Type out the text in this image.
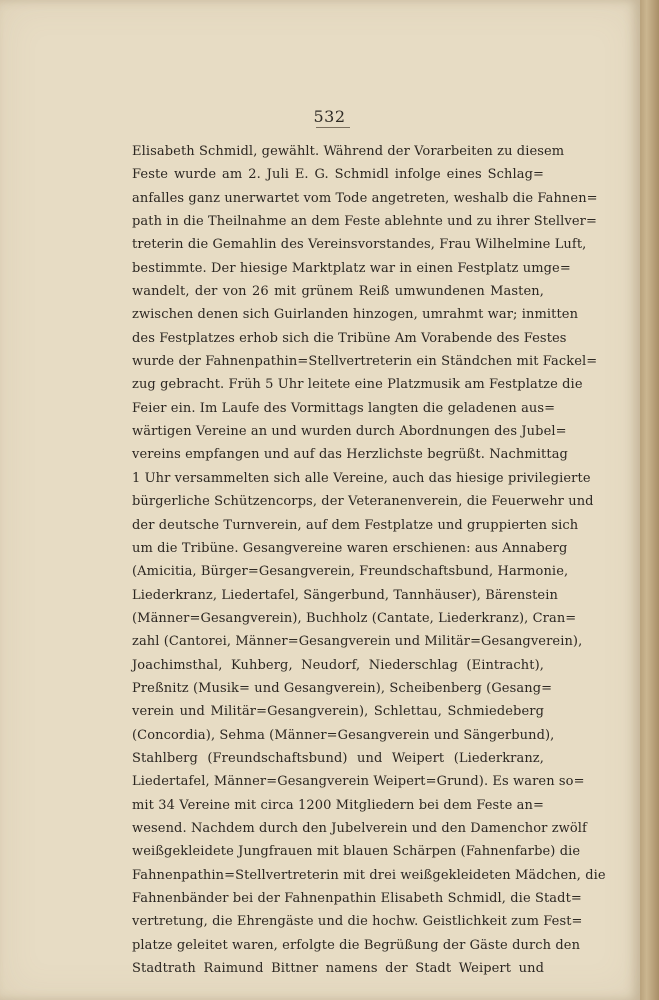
532
Elisabeth Schmidl, gewählt. Während der Vorarbeiten zu diesem
Feste wurde am 2. Juli E. G. Schmidl infolge eines Schlag=
anfalles ganz unerwartet vom Tode angetreten, weshalb die Fahnen=
path in die Theilnahme an dem Feste ablehnte und zu ihrer Stellver=
treterin die Gemahlin des Vereinsvorstandes, Frau Wilhelmine Luft,
bestimmte. Der hiesige Marktplatz war in einen Festplatz umge=
wandelt, der von 26 mit grünem Reiß umwundenen Masten,
zwischen denen sich Guirlanden hinzogen, umrahmt war; inmitten
des Festplatzes erhob sich die Tribüne Am Vorabende des Festes
wurde der Fahnenpathin=Stellvertreterin ein Ständchen mit Fackel=
zug gebracht. Früh 5 Uhr leitete eine Platzmusik am Festplatze die
Feier ein. Im Laufe des Vormittags langten die geladenen aus=
wärtigen Vereine an und wurden durch Abordnungen des Jubel=
vereins empfangen und auf das Herzlichste begrüßt. Nachmittag
1 Uhr versammelten sich alle Vereine, auch das hiesige privilegierte
bürgerliche Schützencorps, der Veteranenverein, die Feuerwehr und
der deutsche Turnverein, auf dem Festplatze und gruppierten sich
um die Tribüne. Gesangvereine waren erschienen: aus Annaberg
(Amicitia, Bürger=Gesangverein, Freundschaftsbund, Harmonie,
Liederkranz, Liedertafel, Sängerbund, Tannhäuser), Bärenstein
(Männer=Gesangverein), Buchholz (Cantate, Liederkranz), Cran=
zahl (Cantorei, Männer=Gesangverein und Militär=Gesangverein),
Joachimsthal, Kuhberg, Neudorf, Niederschlag (Eintracht),
Preßnitz (Musik= und Gesangverein), Scheibenberg (Gesang=
verein und Militär=Gesangverein), Schlettau, Schmiedeberg
(Concordia), Sehma (Männer=Gesangverein und Sängerbund),
Stahlberg (Freundschaftsbund) und Weipert (Liederkranz,
Liedertafel, Männer=Gesangverein Weipert=Grund). Es waren so=
mit 34 Vereine mit circa 1200 Mitgliedern bei dem Feste an=
wesend. Nachdem durch den Jubelverein und den Damenchor zwölf
weißgekleidete Jungfrauen mit blauen Schärpen (Fahnenfarbe) die
Fahnenpathin=Stellvertreterin mit drei weißgekleideten Mädchen, die
Fahnenbänder bei der Fahnenpathin Elisabeth Schmidl, die Stadt=
vertretung, die Ehrengäste und die hochw. Geistlichkeit zum Fest=
platze geleitet waren, erfolgte die Begrüßung der Gäste durch den
Stadtrath Raimund Bittner namens der Stadt Weipert und
